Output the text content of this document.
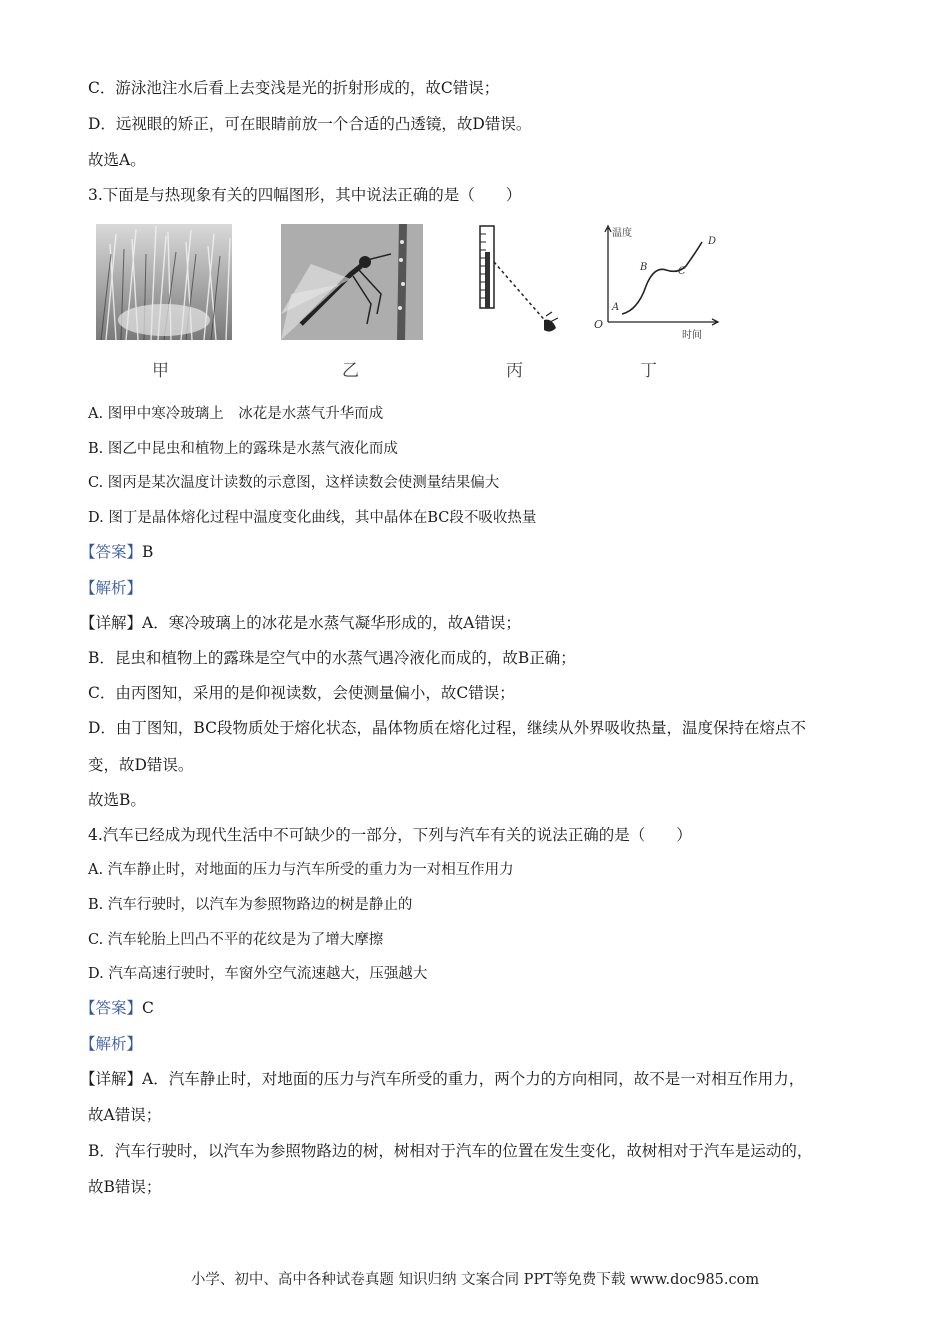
C．游泳池注水后看上去变浅是光的折射形成的，故C错误；
D．远视眼的矫正，可在眼睛前放一个合适的凸透镜，故D错误。
故选A。
3.下面是与热现象有关的四幅图形，其中说法正确的是（　　）
甲	乙	丙
温度
时间
O
A
B	C
D
丁
A. 图甲中寒冷玻璃上　冰花是水蒸气升华而成
B. 图乙中昆虫和植物上的露珠是水蒸气液化而成
C. 图丙是某次温度计读数的示意图，这样读数会使测量结果偏大
D. 图丁是晶体熔化过程中温度变化曲线，其中晶体在BC段不吸收热量
【答案】B
【解析】
【详解】A．寒冷玻璃上的冰花是水蒸气凝华形成的，故A错误；
B．昆虫和植物上的露珠是空气中的水蒸气遇冷液化而成的，故B正确；
C．由丙图知，采用的是仰视读数，会使测量偏小，故C错误；
D．由丁图知，BC段物质处于熔化状态，晶体物质在熔化过程，继续从外界吸收热量，温度保持在熔点不
变，故D错误。
故选B。
4.汽车已经成为现代生活中不可缺少的一部分，下列与汽车有关的说法正确的是（　　）
A. 汽车静止时，对地面的压力与汽车所受的重力为一对相互作用力
B. 汽车行驶时，以汽车为参照物路边的树是静止的
C. 汽车轮胎上凹凸不平的花纹是为了增大摩擦
D. 汽车高速行驶时，车窗外空气流速越大，压强越大
【答案】C
【解析】
【详解】A．汽车静止时，对地面的压力与汽车所受的重力，两个力的方向相同，故不是一对相互作用力，
故A错误；
B．汽车行驶时，以汽车为参照物路边的树，树相对于汽车的位置在发生变化，故树相对于汽车是运动的，
故B错误；
小学、初中、高中各种试卷真题 知识归纳 文案合同 PPT等免费下载 www.doc985.com
